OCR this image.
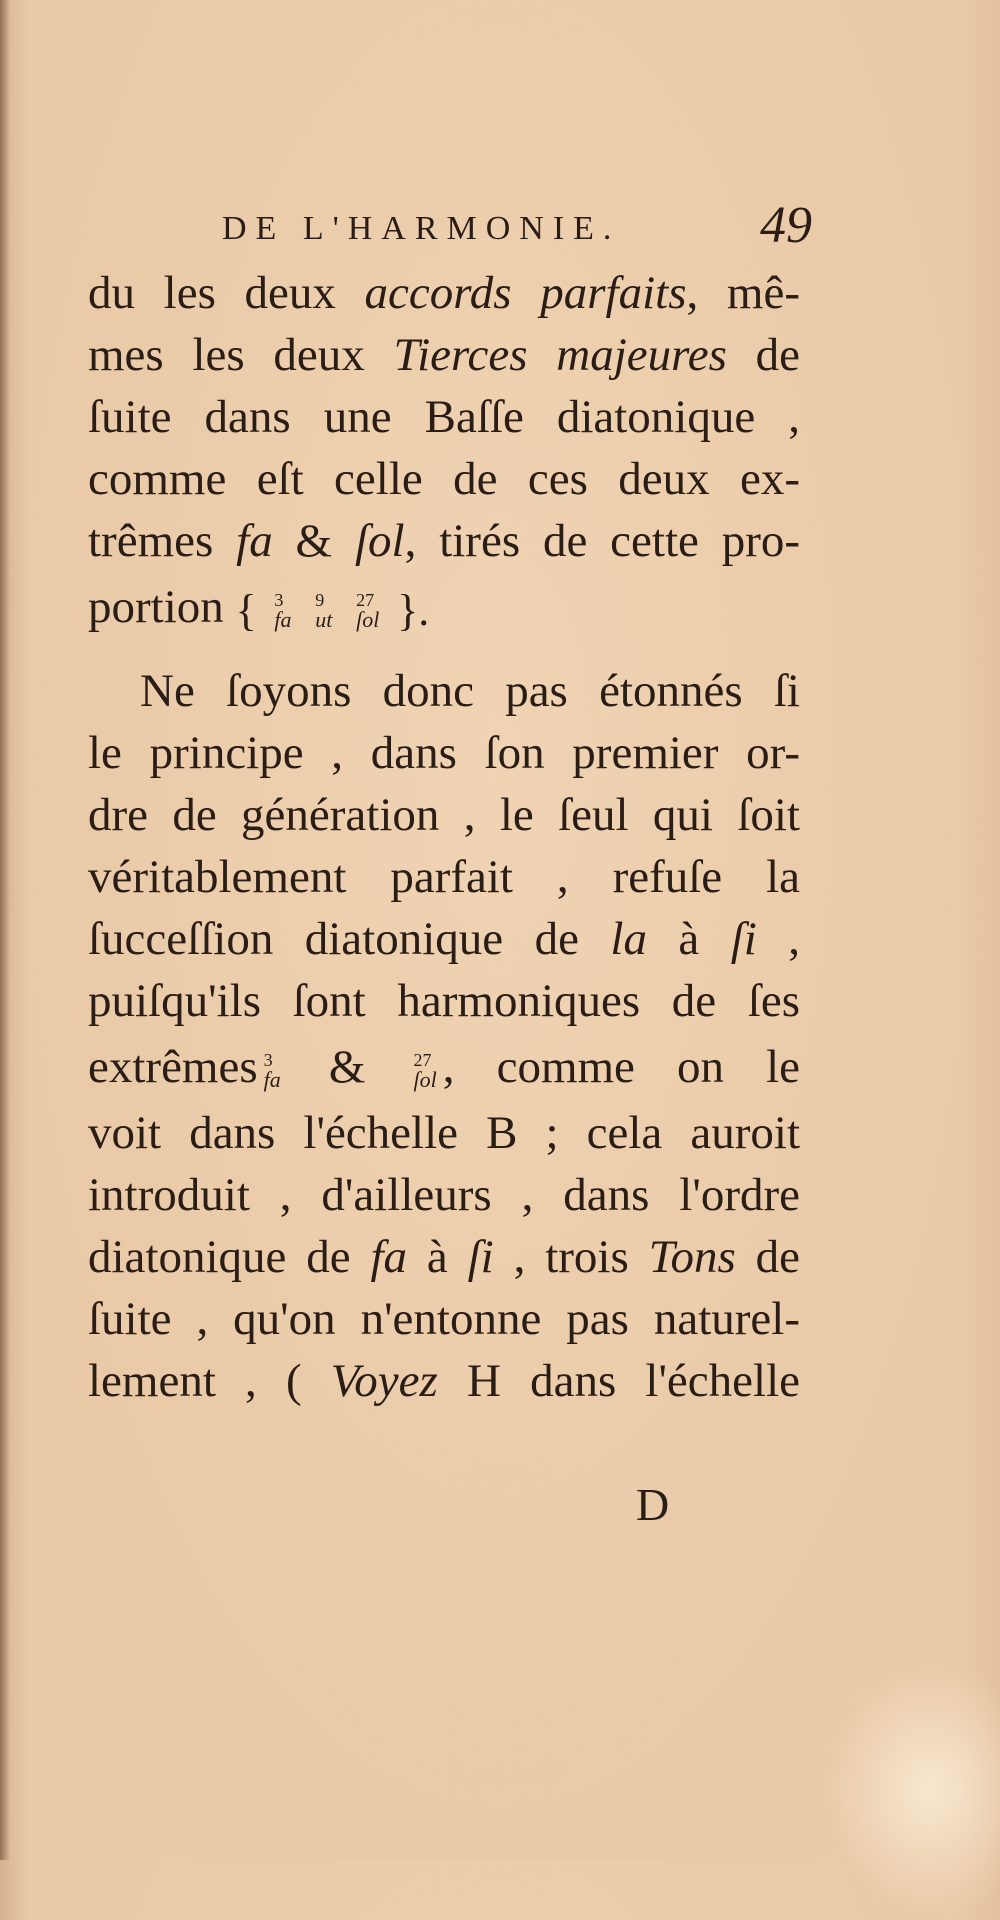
DE L'HARMONIE.	49
du les deux accords parfaits, mê-
mes les deux Tierces majeures de
ſuite dans une Baſſe diatonique ,
comme eſt celle de ces deux ex-
trêmes fa & ſol, tirés de cette pro-
portion { 3
fa

9
ut

27
ſol }.
Ne ſoyons donc pas étonnés ſi
le principe , dans ſon premier or-
dre de génération , le ſeul qui ſoit
véritablement parfait , refuſe la
ſucceſſion diatonique de la à ſi ,
puiſqu'ils ſont harmoniques de ſes
extrêmes 3
fa &	27
ſol , comme on le
voit dans l'échelle B ; cela auroit
introduit , d'ailleurs , dans l'ordre
diatonique de fa à ſi , trois Tons de
ſuite , qu'on n'entonne pas naturel-
lement , ( Voyez H dans l'échelle
D
